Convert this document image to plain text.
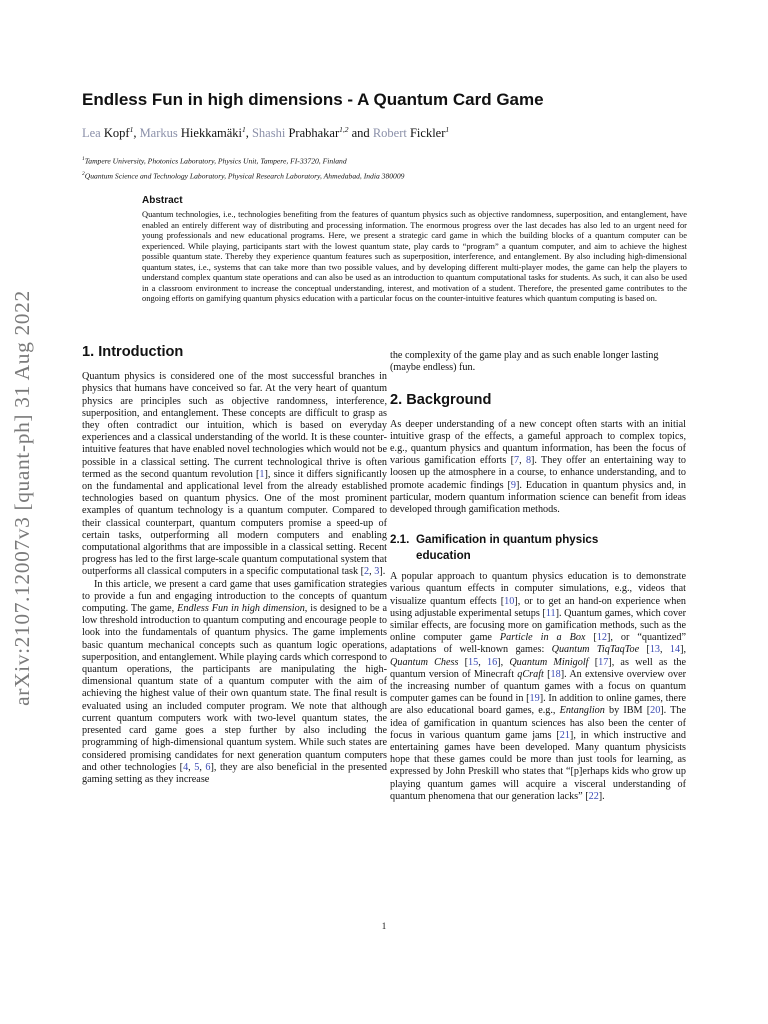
arXiv:2107.12007v3 [quant-ph] 31 Aug 2022
Endless Fun in high dimensions - A Quantum Card Game
Lea Kopf$^1$, Markus Hiekkamäki$^1$, Shashi Prabhakar$^{1,2}$ and Robert Fickler$^1$
$^1$Tampere University, Photonics Laboratory, Physics Unit, Tampere, FI-33720, Finland
$^2$Quantum Science and Technology Laboratory, Physical Research Laboratory, Ahmedabad, India 380009
Abstract
Quantum technologies, i.e., technologies benefiting from the features of quantum physics such as objective randomness, superposition, and entanglement, have enabled an entirely different way of distributing and processing information. The enormous progress over the last decades has also led to an urgent need for young professionals and new educational programs. Here, we present a strategic card game in which the building blocks of a quantum computer can be experienced. While playing, participants start with the lowest quantum state, play cards to “program” a quantum computer, and aim to achieve the highest possible quantum state. Thereby they experience quantum features such as superposition, interference, and entanglement. By also including high-dimensional quantum states, i.e., systems that can take more than two possible values, and by developing different multi-player modes, the game can help the players to understand complex quantum state operations and can also be used as an introduction to quantum computational tasks for students. As such, it can also be used in a classroom environment to increase the conceptual understanding, interest, and motivation of a student. Therefore, the presented game contributes to the ongoing efforts on gamifying quantum physics education with a particular focus on the counter-intuitive features which quantum computing is based on.
1. Introduction

Quantum physics is considered one of the most successful branches in physics that humans have conceived so far. At the very heart of quantum physics are principles such as objective randomness, interference, superposition, and entanglement. These concepts are difficult to grasp as they often contradict our intuition, which is based on everyday experiences and a classical understanding of the world. It is these counter-intuitive features that have enabled novel technologies which would not be possible in a classical setting. The current technological thrive is often termed as the second quantum revolution [1], since it differs significantly on the fundamental and applicational level from the already established technologies based on quantum physics. One of the most prominent examples of quantum technology is a quantum computer. Compared to their classical counterpart, quantum computers promise a speed-up of certain tasks, outperforming all modern computers and enabling computational algorithms that are impossible in a classical setting. Recent progress has led to the first large-scale quantum computational system that outperforms all classical computers in a specific computational task [2, 3].

In this article, we present a card game that uses gamification strategies to provide a fun and engaging introduction to the concepts of quantum computing. The game, Endless Fun in high dimension, is designed to be a low threshold introduction to quantum computing and encourage people to look into the fundamentals of quantum physics. The game implements basic quantum mechanical concepts such as quantum logic operations, superposition, and entanglement. While playing cards which correspond to quantum operations, the participants are manipulating the high-dimensional quantum state of a quantum computer with the aim of achieving the highest value of their own quantum state. The final result is evaluated using an included computer program. We note that although current quantum computers work with two-level quantum states, the presented card game goes a step further by also including the programming of high-dimensional quantum system. While such states are considered promising candidates for next generation quantum computers and other technologies [4, 5, 6], they are also beneficial in the presented gaming setting as they increase

the complexity of the game play and as such enable longer lasting (maybe endless) fun.

2. Background

As deeper understanding of a new concept often starts with an initial intuitive grasp of the effects, a gameful approach to complex topics, e.g., quantum physics and quantum information, has been the focus of various gamification efforts [7, 8]. They offer an entertaining way to loosen up the atmosphere in a course, to enhance understanding, and to promote academic findings [9]. Education in quantum physics and, in particular, modern quantum information science can benefit from ideas developed through gamification methods.

2.1. Gamification in quantum physics
education

A popular approach to quantum physics education is to demonstrate various quantum effects in computer simulations, e.g., videos that visualize quantum effects [10], or to get an hand-on experience when using adjustable experimental setups [11]. Quantum games, which cover similar effects, are focusing more on gamification methods, such as the online computer game Particle in a Box [12], or “quantized” adaptations of well-known games: Quantum TiqTaqToe [13, 14], Quantum Chess [15, 16], Quantum Minigolf [17], as well as the quantum version of Minecraft qCraft [18]. An extensive overview over the increasing number of quantum games with a focus on quantum computer games can be found in [19]. In addition to online games, there are also educational board games, e.g., Entanglion by IBM [20]. The idea of gamification in quantum sciences has also been the center of focus in various quantum game jams [21], in which instructive and entertaining games have been developed. Many quantum physicists hope that these games could be more than just tools for learning, as expressed by John Preskill who states that “[p]erhaps kids who grow up playing quantum games will acquire a visceral understanding of quantum phenomena that our generation lacks” [22].

1
